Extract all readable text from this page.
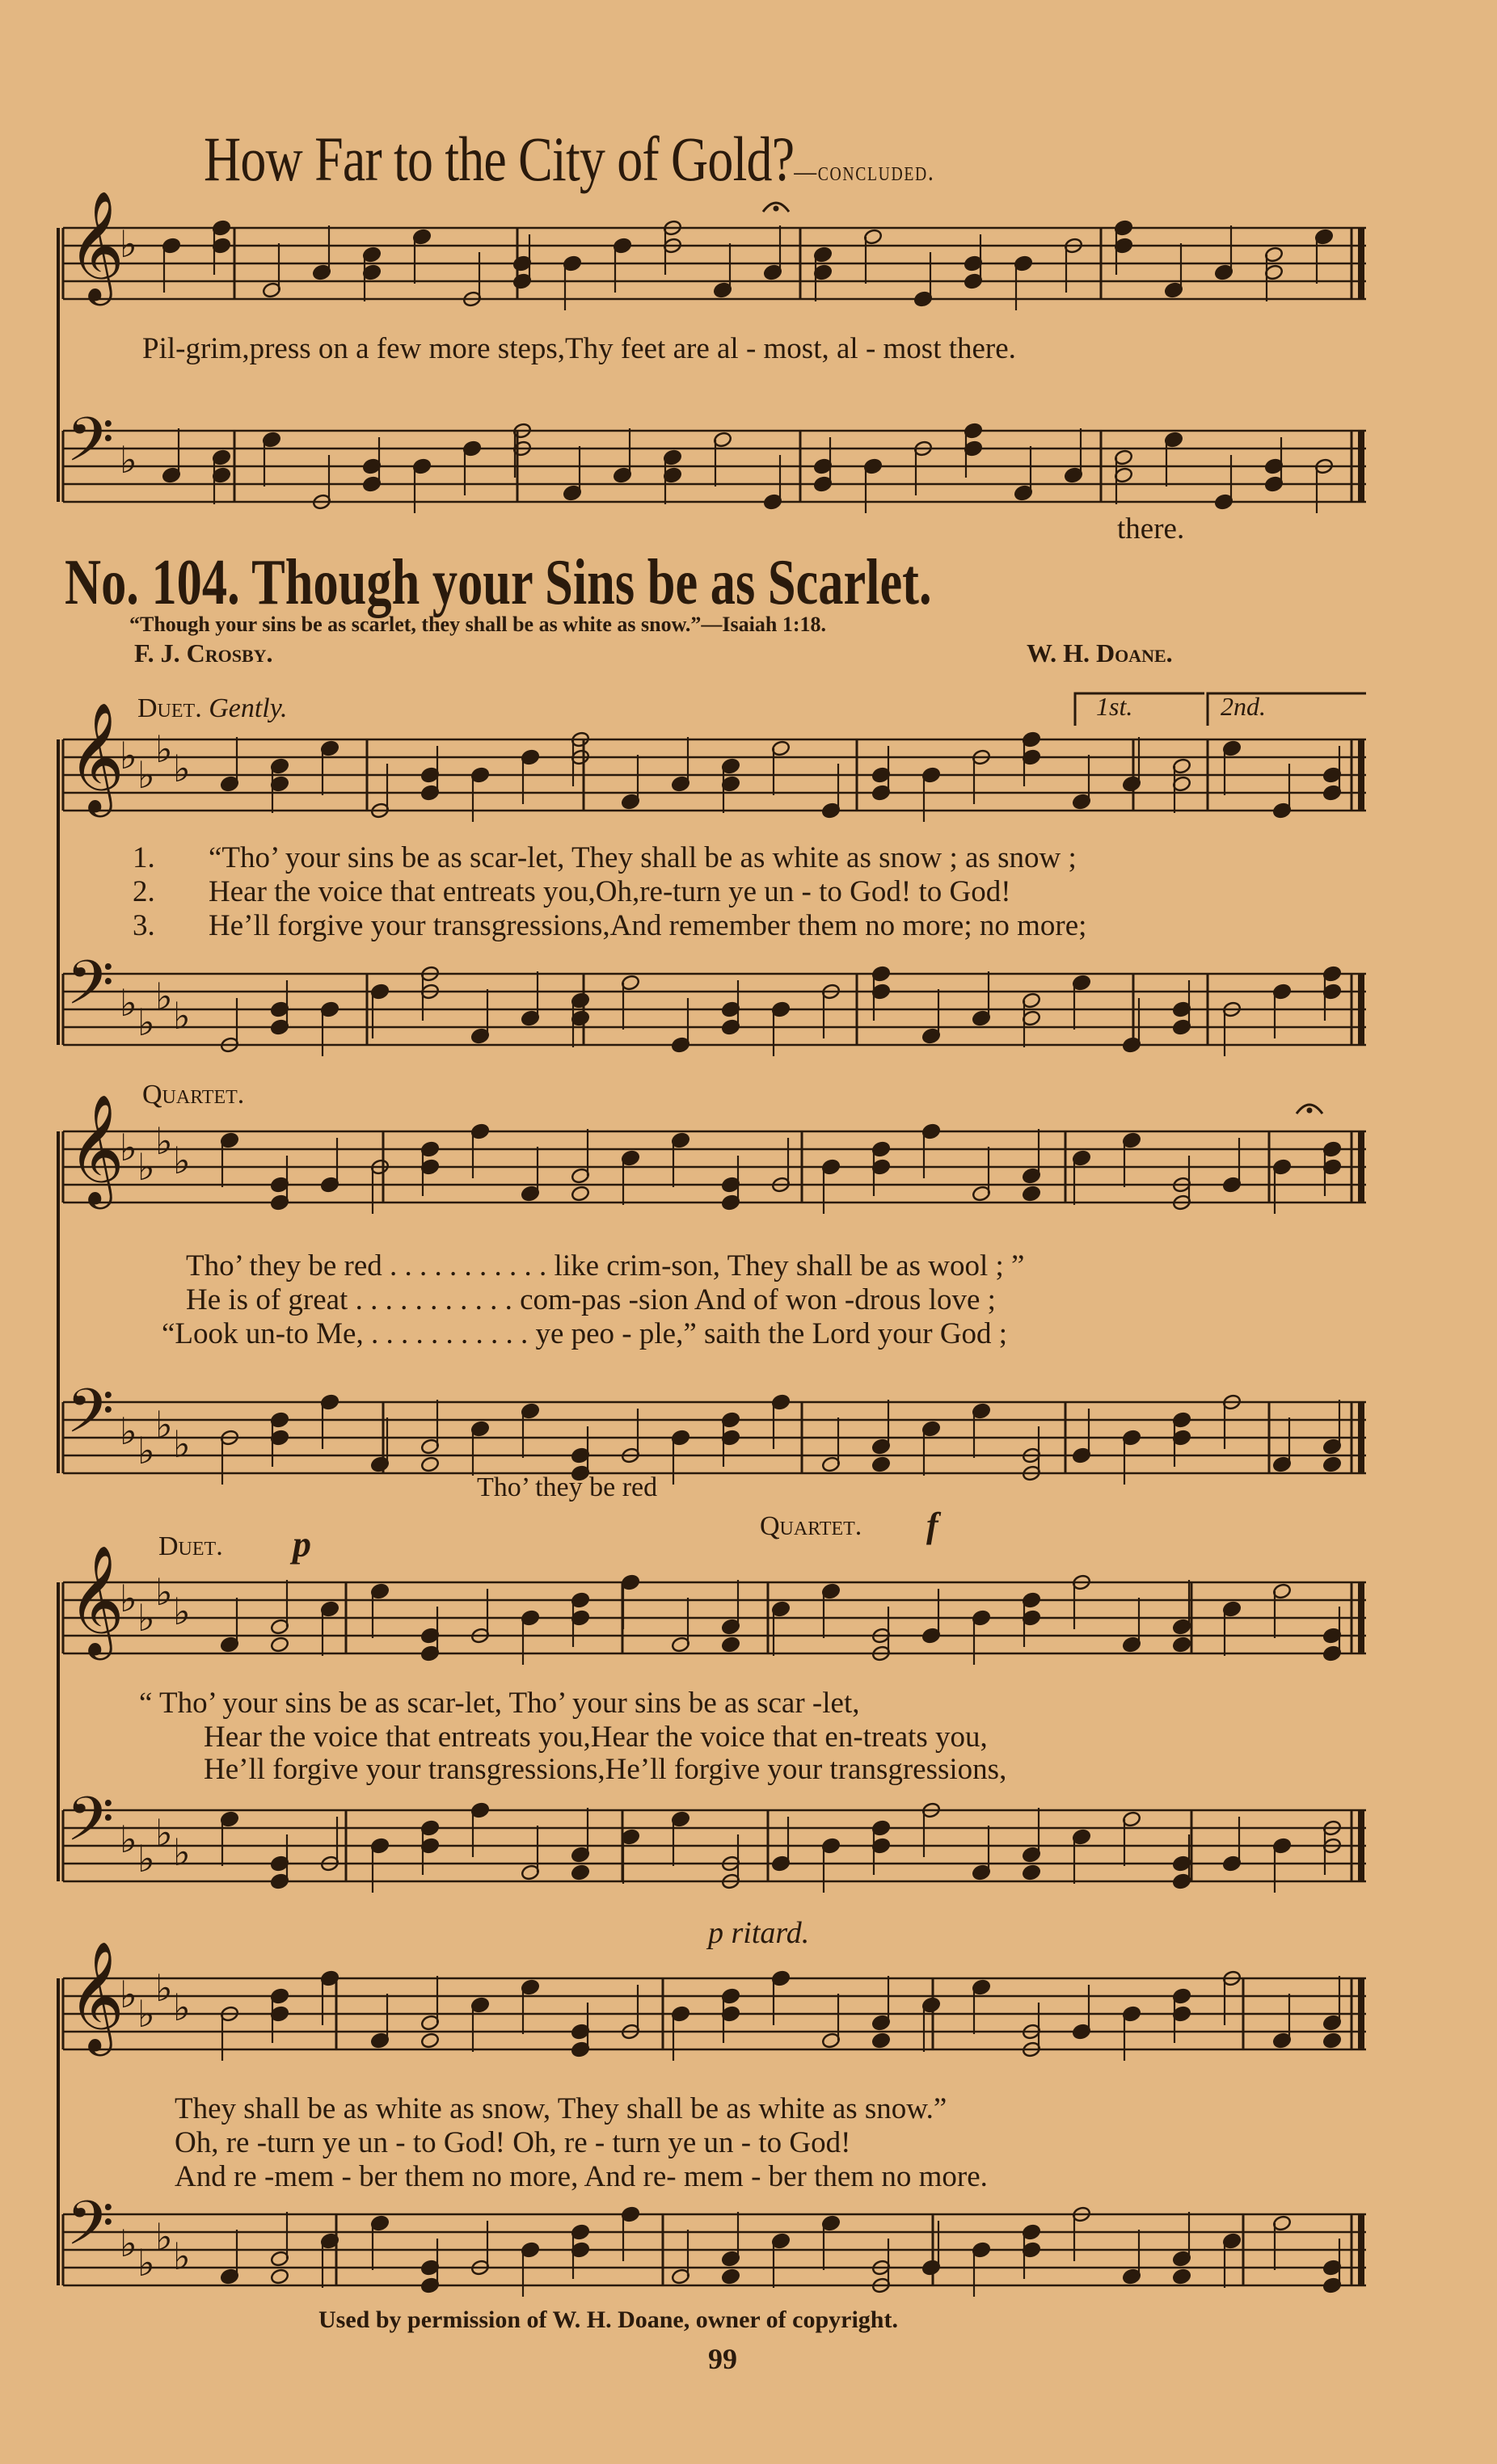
𝄞
𝄢
♭
♭
𝄞
𝄢
♭ ♭
♭ ♭
♭ ♭
♭ ♭
𝄞
𝄢
♭ ♭
♭ ♭
♭ ♭
♭ ♭
𝄞
𝄢
♭ ♭
♭ ♭
♭ ♭
♭ ♭
𝄞
𝄢
♭ ♭
♭ ♭
♭ ♭
♭ ♭
How Far to the City of Gold?—concluded.
Pil-grim,press on a few more steps,Thy feet are al - most, al - most there.
there.
No. 104. Though your Sins be as Scarlet.
“Though your sins be as scarlet, they shall be as white as snow.”—Isaiah 1:18.
F. J. Crosby.	W. H. Doane.
Duet. Gently.	1st.	2nd.
1. “Tho’ your sins be as scar-let, They shall be as white as snow ; as snow ;
2. Hear the voice that entreats you,Oh,re-turn ye un - to God! to God!
3. He’ll forgive your transgressions,And remember them no more; no more;
Quartet.
Tho’ they be red . . . . . . . . . . . like crim-son, They shall be as wool ; ”
He is of great . . . . . . . . . . . com-pas -sion And of won -drous love ;
“Look un-to Me, . . . . . . . . . . . ye peo - ple,” saith the Lord your God ;
Tho’ they be red
Duet. p	Quartet. f
“ Tho’ your sins be as scar-let, Tho’ your sins be as scar -let,
Hear the voice that entreats you,Hear the voice that en-treats you,
He’ll forgive your transgressions,He’ll forgive your transgressions,
p ritard.
They shall be as white as snow, They shall be as white as snow.”
Oh, re -turn ye un - to God! Oh, re - turn ye un - to God!
And re -mem - ber them no more, And re- mem - ber them no more.
Used by permission of W. H. Doane, owner of copyright.
99
